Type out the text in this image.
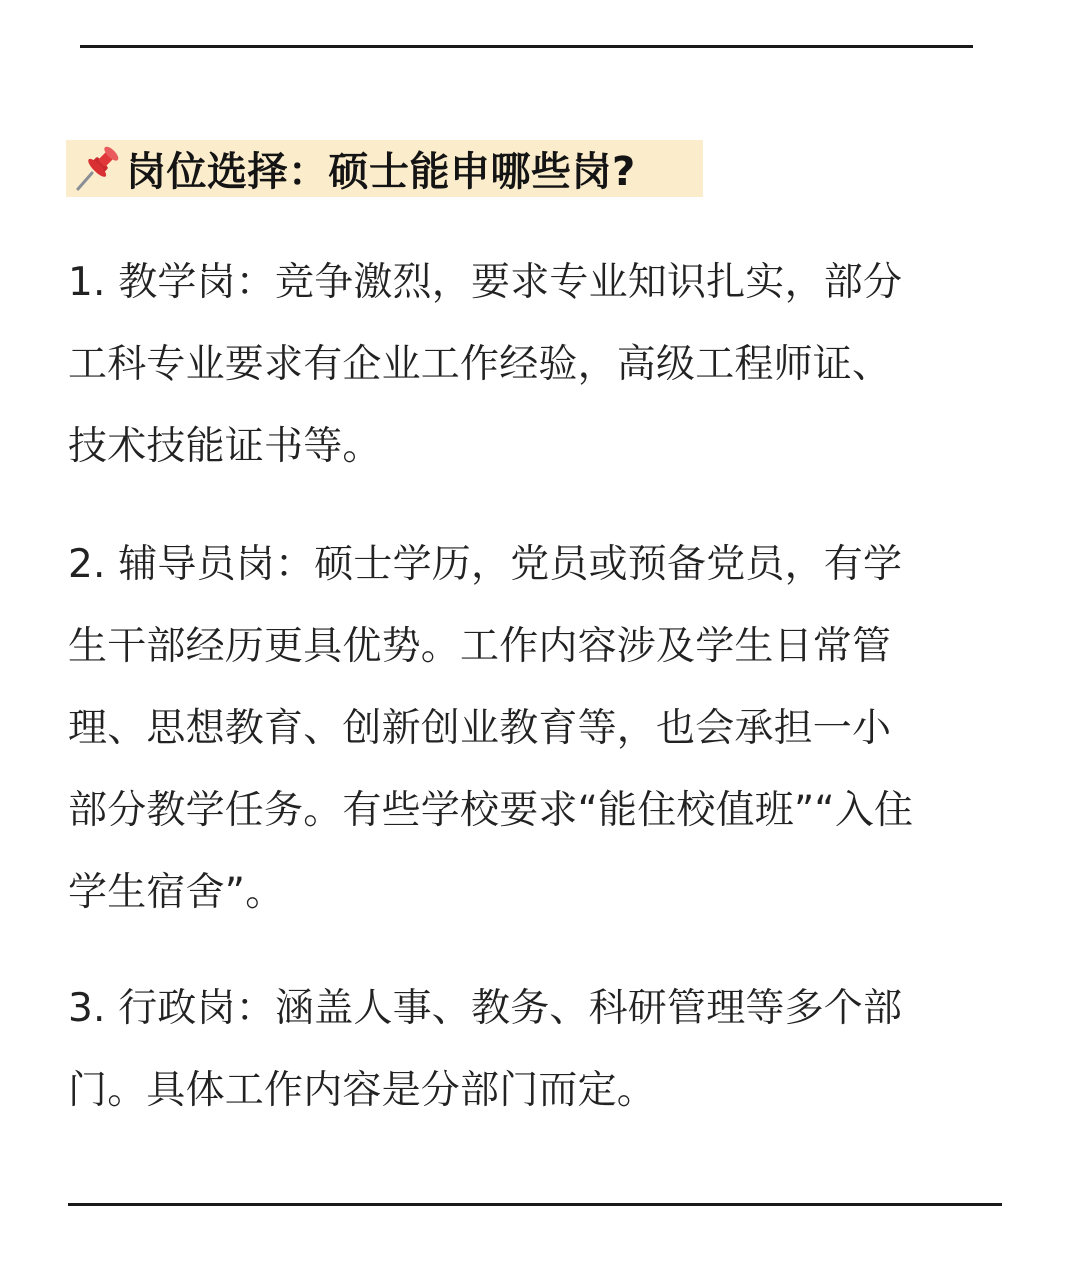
岗位选择：硕士能申哪些岗?

1. 教学岗：竞争激烈，要求专业知识扎实，部分
工科专业要求有企业工作经验，高级工程师证、
技术技能证书等。

2. 辅导员岗：硕士学历，党员或预备党员，有学
生干部经历更具优势。工作内容涉及学生日常管
理、思想教育、创新创业教育等，也会承担一小
部分教学任务。有些学校要求“能住校值班”“入住
学生宿舍”。

3. 行政岗：涵盖人事、教务、科研管理等多个部
门。具体工作内容是分部门而定。
